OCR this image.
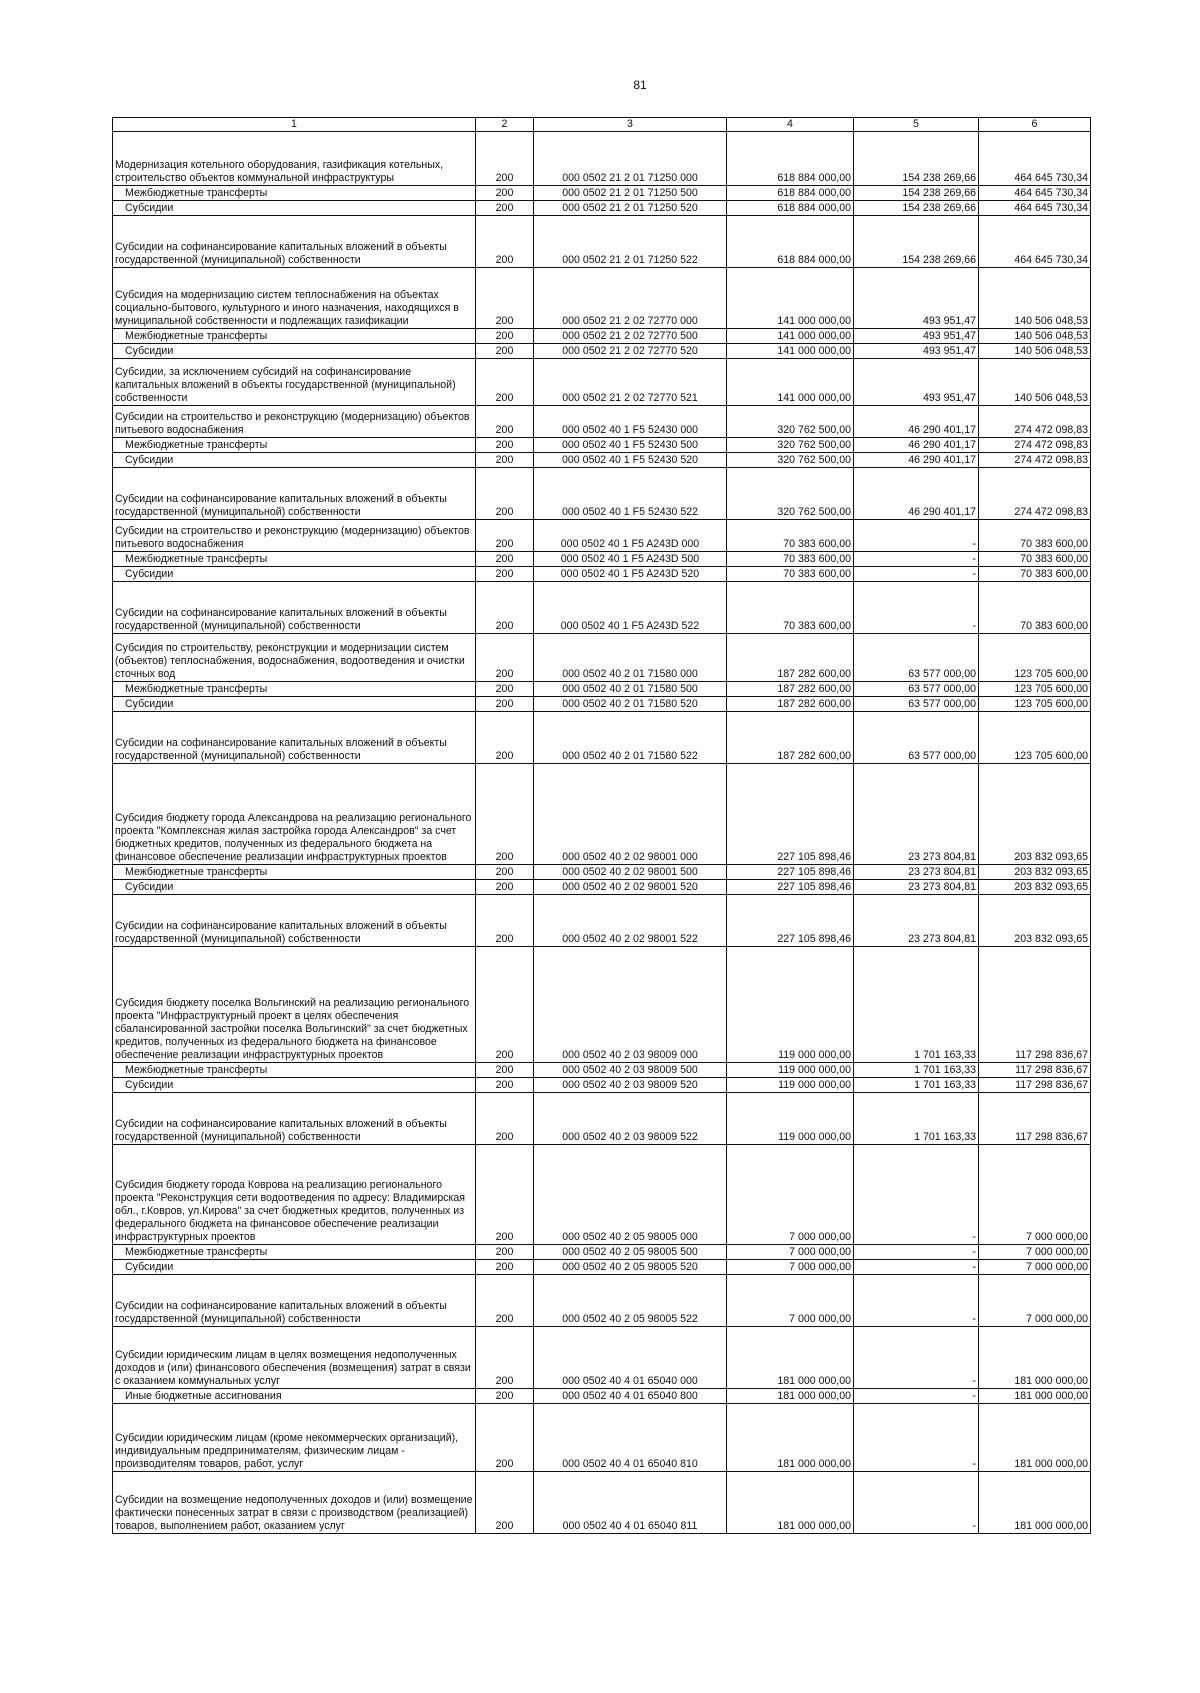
81
1	2	3	4	5	6
Модернизация котельного оборудования, газификация котельных, строительство объектов коммунальной инфраструктуры	200	000 0502 21 2 01 71250 000	618 884 000,00	154 238 269,66	464 645 730,34
Межбюджетные трансферты	200	000 0502 21 2 01 71250 500	618 884 000,00	154 238 269,66	464 645 730,34
Субсидии	200	000 0502 21 2 01 71250 520	618 884 000,00	154 238 269,66	464 645 730,34
Субсидии на софинансирование капитальных вложений в объекты государственной (муниципальной) собственности	200	000 0502 21 2 01 71250 522	618 884 000,00	154 238 269,66	464 645 730,34
Субсидия на модернизацию систем теплоснабжения на объектах социально-бытового, культурного и иного назначения, находящихся в муниципальной собственности и подлежащих газификации	200	000 0502 21 2 02 72770 000	141 000 000,00	493 951,47	140 506 048,53
Межбюджетные трансферты	200	000 0502 21 2 02 72770 500	141 000 000,00	493 951,47	140 506 048,53
Субсидии	200	000 0502 21 2 02 72770 520	141 000 000,00	493 951,47	140 506 048,53
Субсидии, за исключением субсидий на софинансирование капитальных вложений в объекты государственной (муниципальной) собственности	200	000 0502 21 2 02 72770 521	141 000 000,00	493 951,47	140 506 048,53
Субсидии на строительство и реконструкцию (модернизацию) объектов питьевого водоснабжения	200	000 0502 40 1 F5 52430 000	320 762 500,00	46 290 401,17	274 472 098,83
Межбюджетные трансферты	200	000 0502 40 1 F5 52430 500	320 762 500,00	46 290 401,17	274 472 098,83
Субсидии	200	000 0502 40 1 F5 52430 520	320 762 500,00	46 290 401,17	274 472 098,83
Субсидии на софинансирование капитальных вложений в объекты государственной (муниципальной) собственности	200	000 0502 40 1 F5 52430 522	320 762 500,00	46 290 401,17	274 472 098,83
Субсидии на строительство и реконструкцию (модернизацию) объектов питьевого водоснабжения	200	000 0502 40 1 F5 A243D 000	70 383 600,00	-	70 383 600,00
Межбюджетные трансферты	200	000 0502 40 1 F5 A243D 500	70 383 600,00	-	70 383 600,00
Субсидии	200	000 0502 40 1 F5 A243D 520	70 383 600,00	-	70 383 600,00
Субсидии на софинансирование капитальных вложений в объекты государственной (муниципальной) собственности	200	000 0502 40 1 F5 A243D 522	70 383 600,00	-	70 383 600,00
Субсидия по строительству, реконструкции и модернизации систем (объектов) теплоснабжения, водоснабжения, водоотведения и очистки сточных вод	200	000 0502 40 2 01 71580 000	187 282 600,00	63 577 000,00	123 705 600,00
Межбюджетные трансферты	200	000 0502 40 2 01 71580 500	187 282 600,00	63 577 000,00	123 705 600,00
Субсидии	200	000 0502 40 2 01 71580 520	187 282 600,00	63 577 000,00	123 705 600,00
Субсидии на софинансирование капитальных вложений в объекты государственной (муниципальной) собственности	200	000 0502 40 2 01 71580 522	187 282 600,00	63 577 000,00	123 705 600,00
Субсидия бюджету города Александрова на реализацию регионального проекта "Комплексная жилая застройка города Александров" за счет бюджетных кредитов, полученных из федерального бюджета на финансовое обеспечение реализации инфраструктурных проектов	200	000 0502 40 2 02 98001 000	227 105 898,46	23 273 804,81	203 832 093,65
Межбюджетные трансферты	200	000 0502 40 2 02 98001 500	227 105 898,46	23 273 804,81	203 832 093,65
Субсидии	200	000 0502 40 2 02 98001 520	227 105 898,46	23 273 804,81	203 832 093,65
Субсидии на софинансирование капитальных вложений в объекты государственной (муниципальной) собственности	200	000 0502 40 2 02 98001 522	227 105 898,46	23 273 804,81	203 832 093,65
Субсидия бюджету поселка Вольгинский на реализацию регионального проекта "Инфраструктурный проект в целях обеспечения сбалансированной застройки поселка Вольгинский" за счет бюджетных кредитов, полученных из федерального бюджета на финансовое обеспечение реализации инфраструктурных проектов	200	000 0502 40 2 03 98009 000	119 000 000,00	1 701 163,33	117 298 836,67
Межбюджетные трансферты	200	000 0502 40 2 03 98009 500	119 000 000,00	1 701 163,33	117 298 836,67
Субсидии	200	000 0502 40 2 03 98009 520	119 000 000,00	1 701 163,33	117 298 836,67
Субсидии на софинансирование капитальных вложений в объекты государственной (муниципальной) собственности	200	000 0502 40 2 03 98009 522	119 000 000,00	1 701 163,33	117 298 836,67
Субсидия бюджету города Коврова на реализацию регионального проекта "Реконструкция сети водоотведения по адресу: Владимирская обл., г.Ковров, ул.Кирова" за счет бюджетных кредитов, полученных из федерального бюджета на финансовое обеспечение реализации инфраструктурных проектов	200	000 0502 40 2 05 98005 000	7 000 000,00	-	7 000 000,00
Межбюджетные трансферты	200	000 0502 40 2 05 98005 500	7 000 000,00	-	7 000 000,00
Субсидии	200	000 0502 40 2 05 98005 520	7 000 000,00	-	7 000 000,00
Субсидии на софинансирование капитальных вложений в объекты государственной (муниципальной) собственности	200	000 0502 40 2 05 98005 522	7 000 000,00	-	7 000 000,00
Субсидии юридическим лицам в целях возмещения недополученных доходов и (или) финансового обеспечения (возмещения) затрат в связи с оказанием коммунальных услуг	200	000 0502 40 4 01 65040 000	181 000 000,00	-	181 000 000,00
Иные бюджетные ассигнования	200	000 0502 40 4 01 65040 800	181 000 000,00	-	181 000 000,00
Субсидии юридическим лицам (кроме некоммерческих организаций), индивидуальным предпринимателям, физическим лицам - производителям товаров, работ, услуг	200	000 0502 40 4 01 65040 810	181 000 000,00	-	181 000 000,00
Субсидии на возмещение недополученных доходов и (или) возмещение фактически понесенных затрат в связи с производством (реализацией) товаров, выполнением работ, оказанием услуг	200	000 0502 40 4 01 65040 811	181 000 000,00	-	181 000 000,00
